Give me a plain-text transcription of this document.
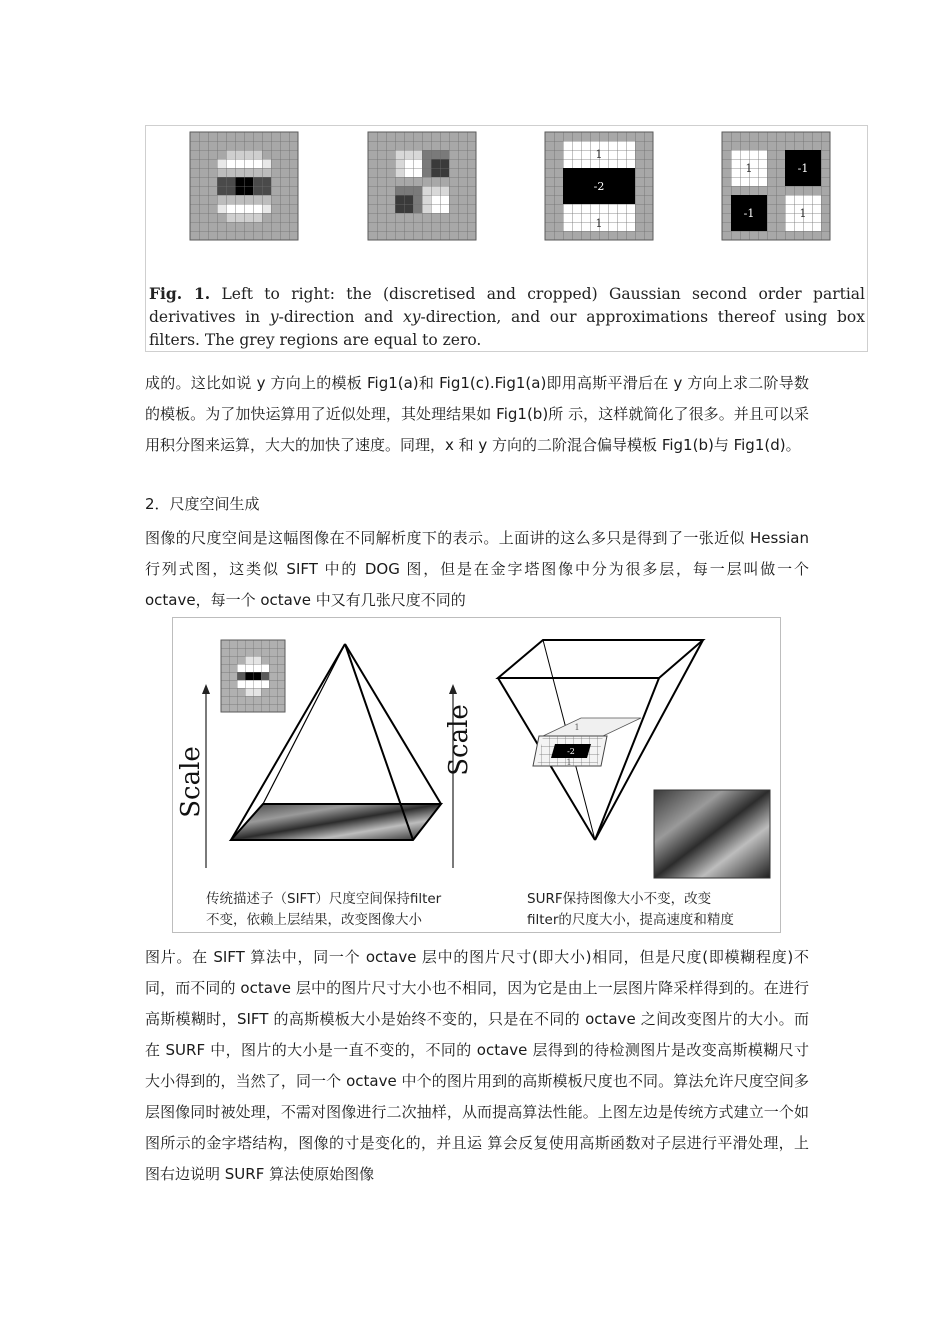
1
-2
1
1	-1
-1	1
Fig. 1. Left to right: the (discretised and cropped) Gaussian second order partial derivatives in y-direction and xy-direction, and our approximations thereof using box filters. The grey regions are equal to zero.
成的。这比如说 y 方向上的模板 Fig1(a)和 Fig1(c).Fig1(a)即用高斯平滑后在 y 方向上求二阶导数的模板。为了加快运算用了近似处理，其处理结果如 Fig1(b)所 示，这样就简化了很多。并且可以采用积分图来运算，大大的加快了速度。同理，x 和 y 方向的二阶混合偏导模板 Fig1(b)与 Fig1(d)。
2．尺度空间生成
图像的尺度空间是这幅图像在不同解析度下的表示。上面讲的这么多只是得到了一张近似 Hessian 行列式图，这类似 SIFT 中的 DOG 图，但是在金字塔图像中分为很多层，每一层叫做一个 octave，每一个 octave 中又有几张尺度不同的
Scale
Scale	1
-2
1
传统描述子（SIFT）尺度空间保持filter
不变，依赖上层结果，改变图像大小
SURF保持图像大小不变，改变
filter的尺度大小，提高速度和精度
图片。在 SIFT 算法中，同一个 octave 层中的图片尺寸(即大小)相同，但是尺度(即模糊程度)不同，而不同的 octave 层中的图片尺寸大小也不相同，因为它是由上一层图片降采样得到的。在进行高斯模糊时，SIFT 的高斯模板大小是始终不变的，只是在不同的 octave 之间改变图片的大小。而在 SURF 中，图片的大小是一直不变的，不同的 octave 层得到的待检测图片是改变高斯模糊尺寸大小得到的，当然了，同一个 octave 中个的图片用到的高斯模板尺度也不同。算法允许尺度空间多层图像同时被处理，不需对图像进行二次抽样，从而提高算法性能。上图左边是传统方式建立一个如图所示的金字塔结构，图像的寸是变化的，并且运 算会反复使用高斯函数对子层进行平滑处理，上图右边说明 SURF 算法使原始图像
